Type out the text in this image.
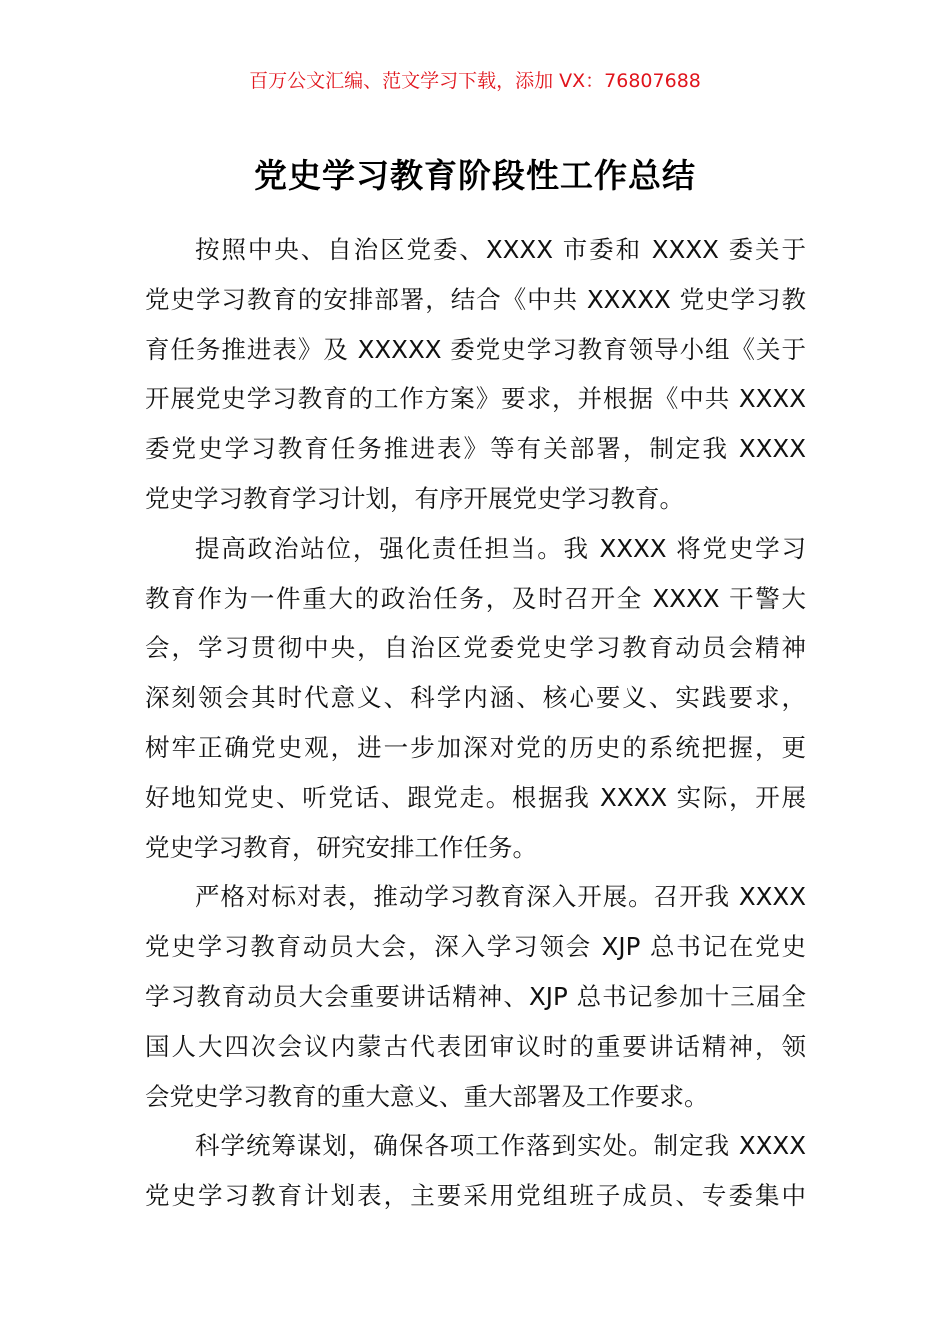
百万公文汇编、范文学习下载，添加 VX：76807688
党史学习教育阶段性工作总结
按照中央、自治区党委、XXXX 市委和 XXXX 委关于
党史学习教育的安排部署，结合《中共 XXXXX 党史学习教
育任务推进表》及 XXXXX 委党史学习教育领导小组《关于
开展党史学习教育的工作方案》要求，并根据《中共 XXXX
委党史学习教育任务推进表》等有关部署，制定我 XXXX
党史学习教育学习计划，有序开展党史学习教育。
提高政治站位，强化责任担当。我 XXXX 将党史学习
教育作为一件重大的政治任务，及时召开全 XXXX 干警大
会，学习贯彻中央，自治区党委党史学习教育动员会精神
深刻领会其时代意义、科学内涵、核心要义、实践要求，
树牢正确党史观，进一步加深对党的历史的系统把握，更
好地知党史、听党话、跟党走。根据我 XXXX 实际，开展
党史学习教育，研究安排工作任务。
严格对标对表，推动学习教育深入开展。召开我 XXXX
党史学习教育动员大会，深入学习领会 XJP 总书记在党史
学习教育动员大会重要讲话精神、XJP 总书记参加十三届全
国人大四次会议内蒙古代表团审议时的重要讲话精神，领
会党史学习教育的重大意义、重大部署及工作要求。
科学统筹谋划，确保各项工作落到实处。制定我 XXXX
党史学习教育计划表，主要采用党组班子成员、专委集中
